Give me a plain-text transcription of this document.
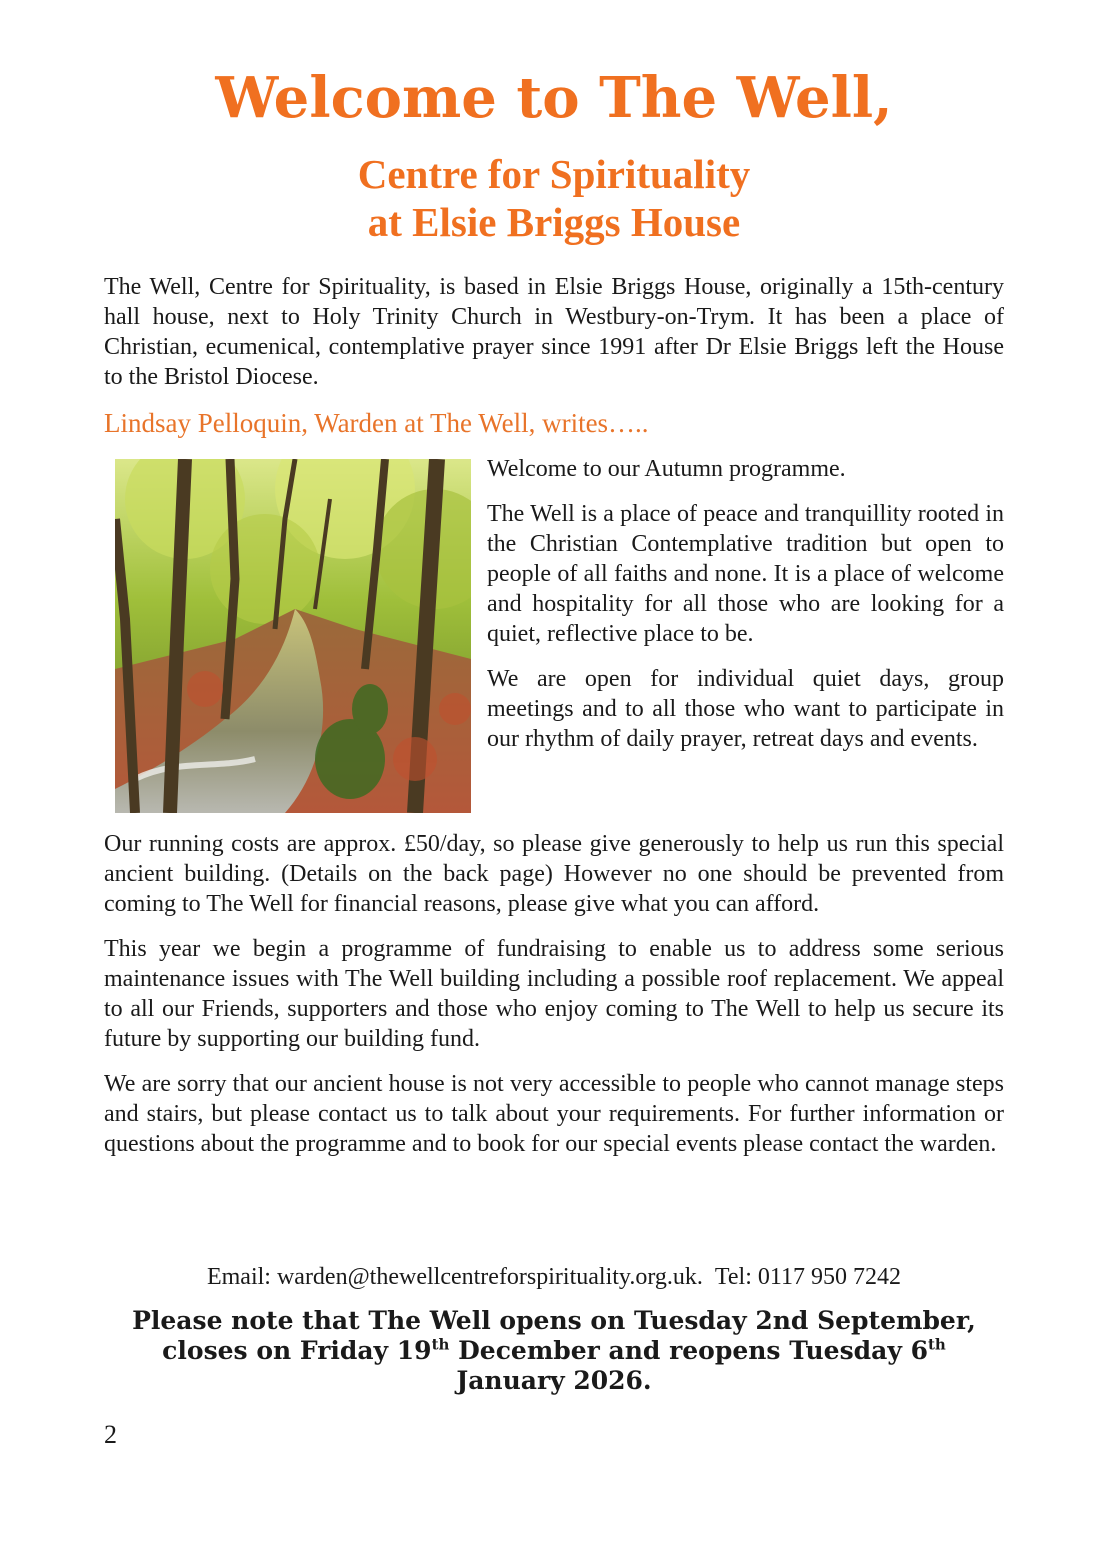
Welcome to The Well,
Centre for Spirituality
at Elsie Briggs House

The Well, Centre for Spirituality, is based in Elsie Briggs House, originally a 15th-century hall house, next to Holy Trinity Church in Westbury-on-Trym. It has been a place of Christian, ecumenical, contemplative prayer since 1991 after Dr Elsie Briggs left the House to the Bristol Diocese.

Lindsay Pelloquin, Warden at The Well, writes…..

Welcome to our Autumn programme.

The Well is a place of peace and tranquillity rooted in the Christian Contemplative tradition but open to people of all faiths and none. It is a place of welcome and hospitality for all those who are looking for a quiet, reflective place to be.

We are open for individual quiet days, group meetings and to all those who want to participate in our rhythm of daily prayer, retreat days and events.

Our running costs are approx. £50/day, so please give generously to help us run this special ancient building. (Details on the back page) However no one should be prevented from coming to The Well for financial reasons, please give what you can afford.

This year we begin a programme of fundraising to enable us to address some serious maintenance issues with The Well building including a possible roof replacement. We appeal to all our Friends, supporters and those who enjoy coming to The Well to help us secure its future by supporting our building fund.

We are sorry that our ancient house is not very accessible to people who cannot manage steps and stairs, but please contact us to talk about your requirements. For further information or questions about the programme and to book for our special events please contact the warden.

Email: warden@thewellcentreforspirituality.org.uk. Tel: 0117 950 7242

Please note that The Well opens on Tuesday 2nd September, closes on Friday 19th December and reopens Tuesday 6th January 2026.

2
